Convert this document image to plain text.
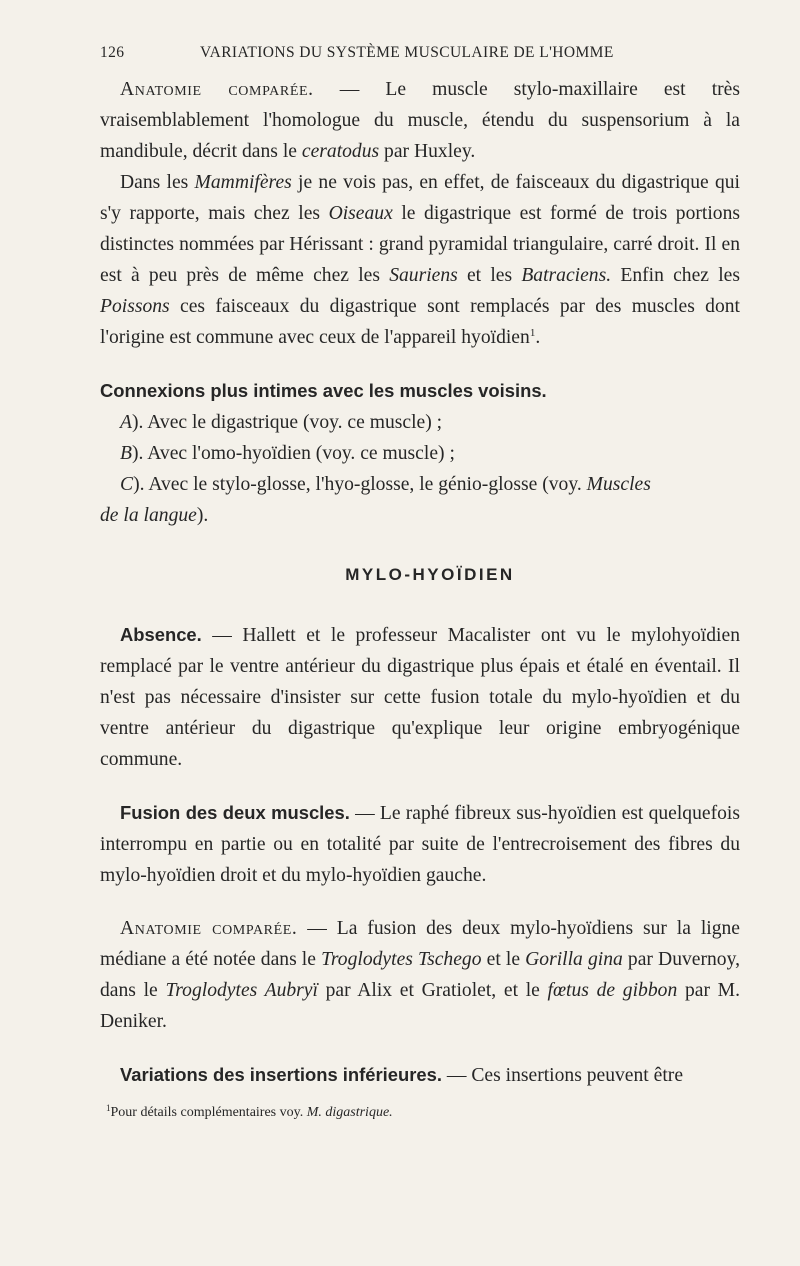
126	VARIATIONS DU SYSTÈME MUSCULAIRE DE L'HOMME

Anatomie comparée. — Le muscle stylo-maxillaire est très vraisemblablement l'homologue du muscle, étendu du suspensorium à la mandibule, décrit dans le ceratodus par Huxley.

Dans les Mammifères je ne vois pas, en effet, de faisceaux du digastrique qui s'y rapporte, mais chez les Oiseaux le digastrique est formé de trois portions distinctes nommées par Hérissant : grand pyramidal triangulaire, carré droit. Il en est à peu près de même chez les Sauriens et les Batraciens. Enfin chez les Poissons ces faisceaux du digastrique sont remplacés par des muscles dont l'origine est commune avec ceux de l'appareil hyoïdien$^1$.

Connexions plus intimes avec les muscles voisins.

A). Avec le digastrique (voy. ce muscle) ;

B). Avec l'omo-hyoïdien (voy. ce muscle) ;

C). Avec le stylo-glosse, l'hyo-glosse, le génio-glosse (voy. Muscles

de la langue).

MYLO-HYOÏDIEN

Absence. — Hallett et le professeur Macalister ont vu le mylohyoïdien remplacé par le ventre antérieur du digastrique plus épais et étalé en éventail. Il n'est pas nécessaire d'insister sur cette fusion totale du mylo-hyoïdien et du ventre antérieur du digastrique qu'explique leur origine embryogénique commune.

Fusion des deux muscles. — Le raphé fibreux sus-hyoïdien est quelquefois interrompu en partie ou en totalité par suite de l'entrecroisement des fibres du mylo-hyoïdien droit et du mylo-hyoïdien gauche.

Anatomie comparée. — La fusion des deux mylo-hyoïdiens sur la ligne médiane a été notée dans le Troglodytes Tschego et le Gorilla gina par Duvernoy, dans le Troglodytes Aubryï par Alix et Gratiolet, et le fœtus de gibbon par M. Deniker.

Variations des insertions inférieures. — Ces insertions peuvent être

$^1$Pour détails complémentaires voy. M. digastrique.
